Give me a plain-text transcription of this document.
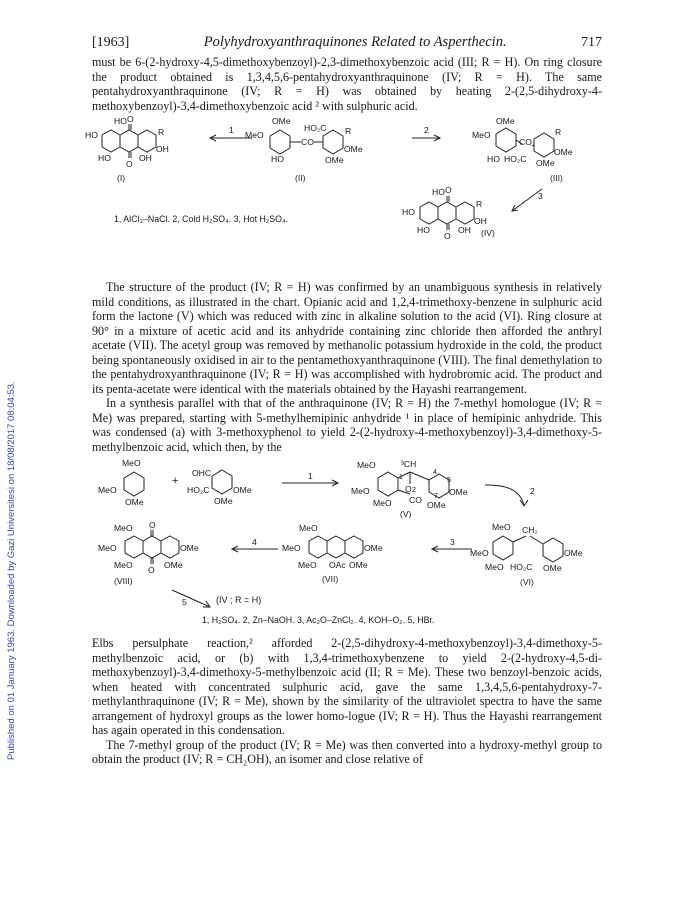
Published on 01 January 1963. Downloaded by Gazi Universitesi on 18/08/2017 08:04:53.
[1963]	Polyhydroxyanthraquinones Related to Asperthecin.	717

must be 6-(2-hydroxy-4,5-dimethoxybenzoyl)-2,3-dimethoxybenzoic acid (III; R = H). On ring closure the product obtained is 1,3,4,5,6-pentahydroxyanthraquinone (IV; R = H). The same pentahydroxyanthraquinone (IV; R = H) was obtained by heating 2-(2,5-dihydroxy-4-methoxybenzoyl)-3,4-dimethoxybenzoic acid ² with sulphuric acid.

HO O
HO	R
OH
HO
O
OH
(I)
1
OMe
MeO
HO₂C R
CO
OMe
HO	OMe
(II)
2
OMe
MeO	R
CO
OMe
HO HO₂C OMe
(III)
3
HO O
HO
R
OH
HO
O
OH (IV)
1, AlCl₃–NaCl. 2, Cold H₂SO₄. 3, Hot H₂SO₄.

The structure of the product (IV; R = H) was confirmed by an unambiguous synthesis in relatively mild conditions, as illustrated in the chart. Opianic acid and 1,2,4-trimethoxy-benzene in sulphuric acid form the lactone (V) which was reduced with zinc in alkaline solution to the acid (VI). Ring closure at 90° in a mixture of acetic acid and its anhydride containing zinc chloride then afforded the anthryl acetate (VII). The acetyl group was removed by methanolic potassium hydroxide in the cold, the product being spontaneously oxidised in air to the pentamethoxyanthraquinone (VIII). The final demethylation to the pentahydroxyanthraquinone (IV; R = H) was accomplished with hydrobromic acid. The product and its penta-acetate were identical with the materials obtained by the Hayashi rearrangement.

In a synthesis parallel with that of the anthraquinone (IV; R = H) the 7-methyl homologue (IV; R = Me) was prepared, starting with 5-methylhemipinic anhydride ¹ in place of hemipinic anhydride. This was condensed (a) with 3-methoxyphenol to yield 2-(2-hydroxy-4-methoxybenzoyl)-3,4-dimethoxy-5-methylbenzoic acid, which then, by the

MeO
MeO
OMe
+
OHC
HO₂C	OMe
OMe
1
MeO	³CH
O
1
2
4
5
7
CO
MeO
MeO
OMe
OMe
(V)
2
MeO O
MeO	OMe
MeO O OMe
(VIII)
4
MeO
MeO	OMe
MeO OAc OMe
(VII)
3
MeO CH₂
MeO	OMe
MeO HO₂C OMe
(VI)
5	(IV ; R = H)
1, H₂SO₄. 2, Zn–NaOH. 3, Ac₂O–ZnCl₂. 4, KOH–O₂. 5, HBr.

Elbs persulphate reaction,² afforded 2-(2,5-dihydroxy-4-methoxybenzoyl)-3,4-dimethoxy-5-methylbenzoic acid, or (b) with 1,3,4-trimethoxybenzene to yield 2-(2-hydroxy-4,5-di-methoxybenzoyl)-3,4-dimethoxy-5-methylbenzoic acid (II; R = Me). These two benzoyl-benzoic acids, when heated with concentrated sulphuric acid, gave the same 1,3,4,5,6-pentahydroxy-7-methylanthraquinone (IV; R = Me), shown by the similarity of the ultraviolet spectra to have the same arrangement of hydroxyl groups as the lower homo-logue (IV; R = H). Thus the Hayashi rearrangement has again operated in this condensation.

The 7-methyl group of the product (IV; R = Me) was then converted into a hydroxy-methyl group to obtain the product (IV; R = CH₂OH), an isomer and close relative of
